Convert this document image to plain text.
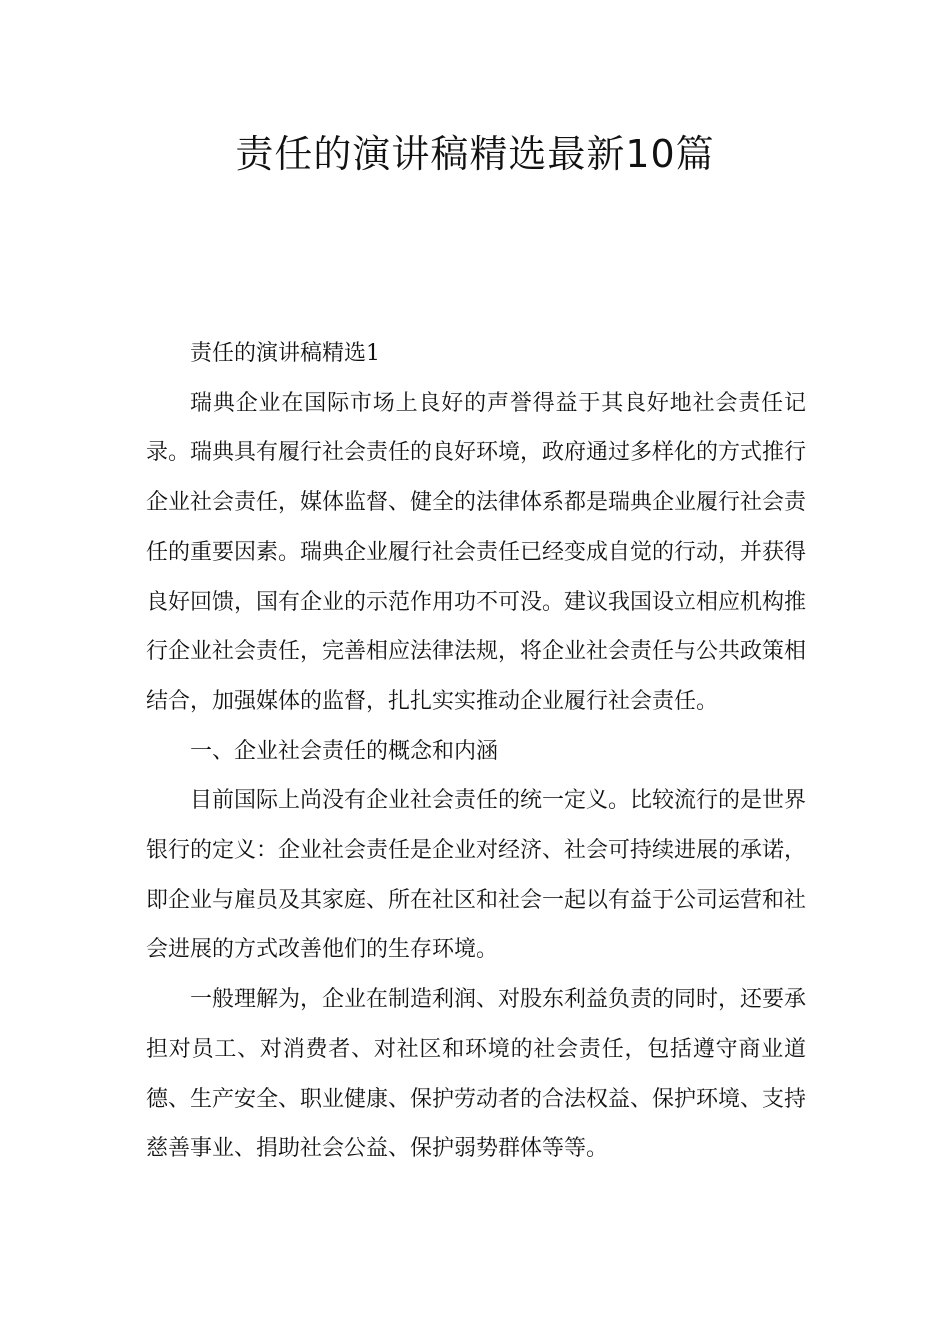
责任的演讲稿精选最新10篇

责任的演讲稿精选1

瑞典企业在国际市场上良好的声誉得益于其良好地社会责任记录。瑞典具有履行社会责任的良好环境，政府通过多样化的方式推行企业社会责任，媒体监督、健全的法律体系都是瑞典企业履行社会责任的重要因素。瑞典企业履行社会责任已经变成自觉的行动，并获得良好回馈，国有企业的示范作用功不可没。建议我国设立相应机构推行企业社会责任，完善相应法律法规，将企业社会责任与公共政策相结合，加强媒体的监督，扎扎实实推动企业履行社会责任。

一、企业社会责任的概念和内涵

目前国际上尚没有企业社会责任的统一定义。比较流行的是世界银行的定义：企业社会责任是企业对经济、社会可持续进展的承诺，即企业与雇员及其家庭、所在社区和社会一起以有益于公司运营和社会进展的方式改善他们的生存环境。

一般理解为，企业在制造利润、对股东利益负责的同时，还要承担对员工、对消费者、对社区和环境的社会责任，包括遵守商业道德、生产安全、职业健康、保护劳动者的合法权益、保护环境、支持慈善事业、捐助社会公益、保护弱势群体等等。
